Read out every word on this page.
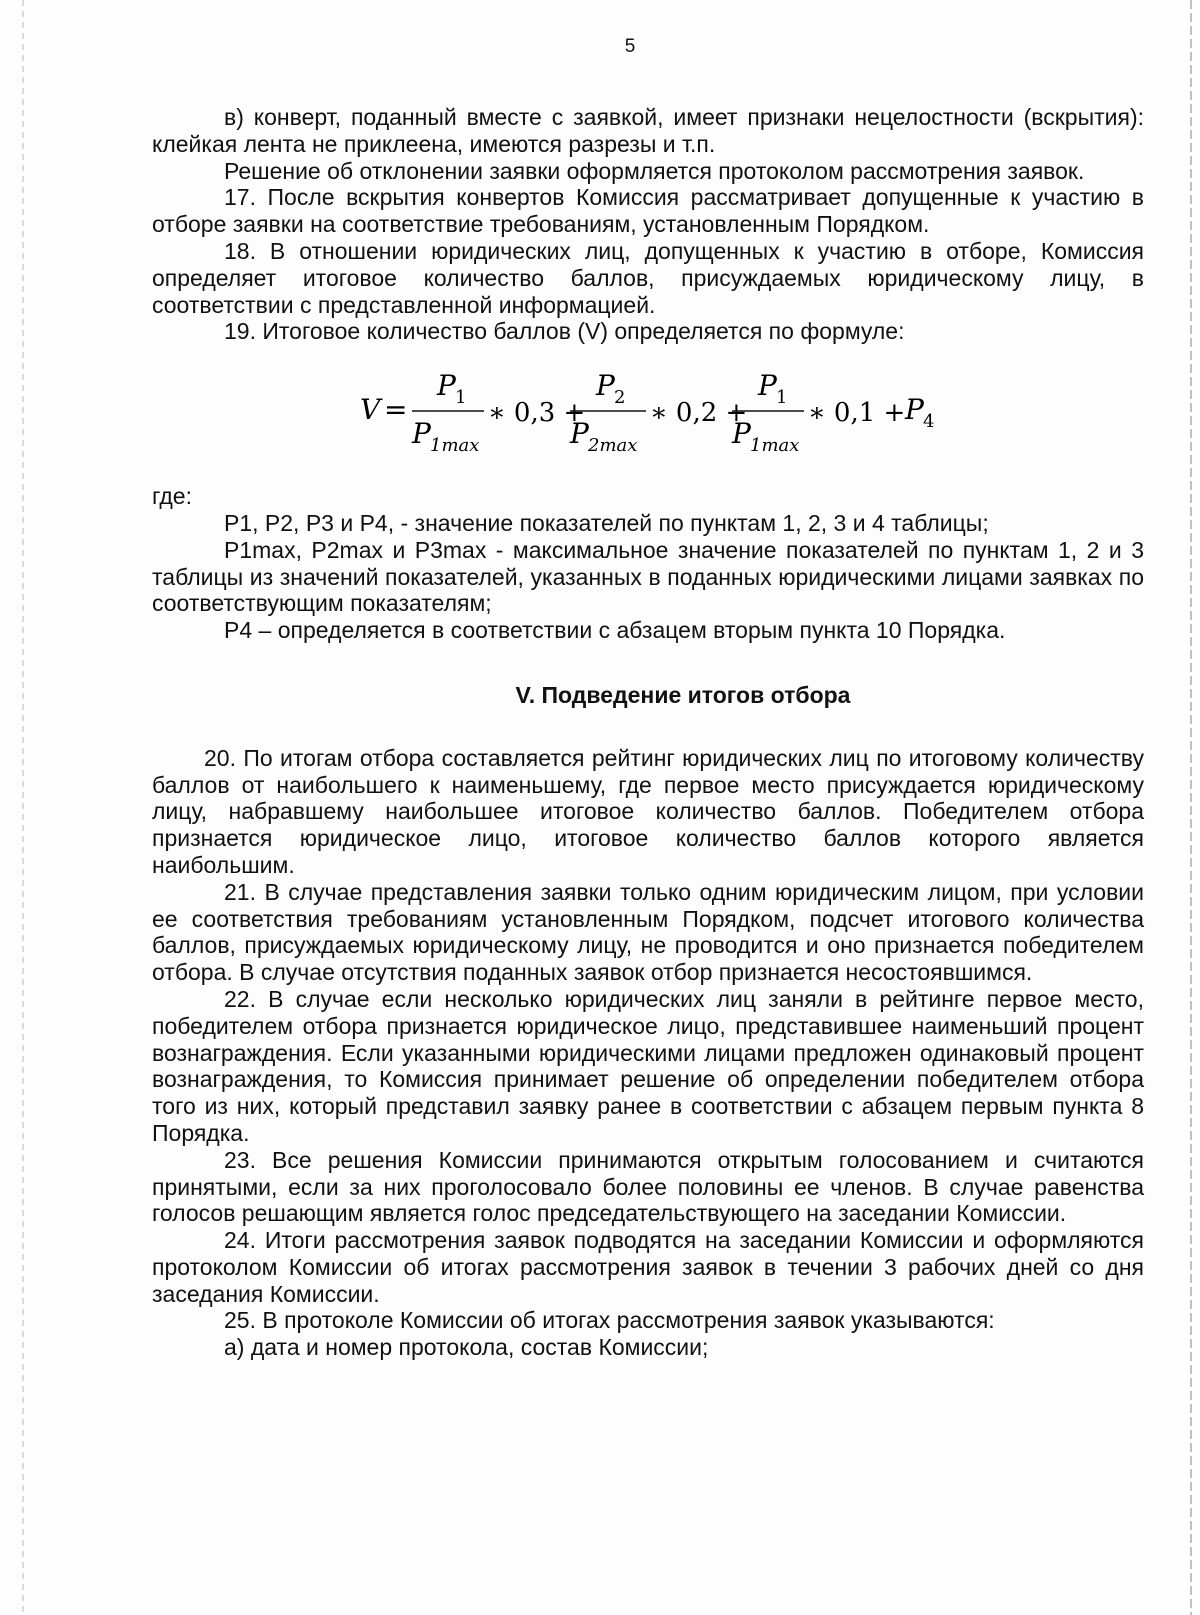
5

в) конверт, поданный вместе с заявкой, имеет признаки нецелостности (вскрытия): клейкая лента не приклеена, имеются разрезы и т.п.

Решение об отклонении заявки оформляется протоколом рассмотрения заявок.

17. После вскрытия конвертов Комиссия рассматривает допущенные к участию в отборе заявки на соответствие требованиям, установленным Порядком.

18. В отношении юридических лиц, допущенных к участию в отборе, Комиссия определяет итоговое количество баллов, присуждаемых юридическому лицу, в соответствии с представленной информацией.

19. Итоговое количество баллов (V) определяется по формуле:

V =
P 1
P 1max
∗ 0,3 +
P 2
P 2max
∗ 0,2 +
P 1
P 1max
∗ 0,1 + P 4

где:

P1, P2, P3 и P4, - значение показателей по пунктам 1, 2, 3 и 4 таблицы;

P1max, P2max и P3max - максимальное значение показателей по пунктам 1, 2 и 3 таблицы из значений показателей, указанных в поданных юридическими лицами заявках по соответствующим показателям;

P4 – определяется в соответствии с абзацем вторым пункта 10 Порядка.

V. Подведение итогов отбора

20. По итогам отбора составляется рейтинг юридических лиц по итоговому количеству баллов от наибольшего к наименьшему, где первое место присуждается юридическому лицу, набравшему наибольшее итоговое количество баллов. Победителем отбора признается юридическое лицо, итоговое количество баллов которого является наибольшим.

21. В случае представления заявки только одним юридическим лицом, при условии ее соответствия требованиям установленным Порядком, подсчет итогового количества баллов, присуждаемых юридическому лицу, не проводится и оно признается победителем отбора. В случае отсутствия поданных заявок отбор признается несостоявшимся.

22. В случае если несколько юридических лиц заняли в рейтинге первое место, победителем отбора признается юридическое лицо, представившее наименьший процент вознаграждения. Если указанными юридическими лицами предложен одинаковый процент вознаграждения, то Комиссия принимает решение об определении победителем отбора того из них, который представил заявку ранее в соответствии с абзацем первым пункта 8 Порядка.

23. Все решения Комиссии принимаются открытым голосованием и считаются принятыми, если за них проголосовало более половины ее членов. В случае равенства голосов решающим является голос председательствующего на заседании Комиссии.

24. Итоги рассмотрения заявок подводятся на заседании Комиссии и оформляются протоколом Комиссии об итогах рассмотрения заявок в течении 3 рабочих дней со дня заседания Комиссии.

25. В протоколе Комиссии об итогах рассмотрения заявок указываются:

а) дата и номер протокола, состав Комиссии;
